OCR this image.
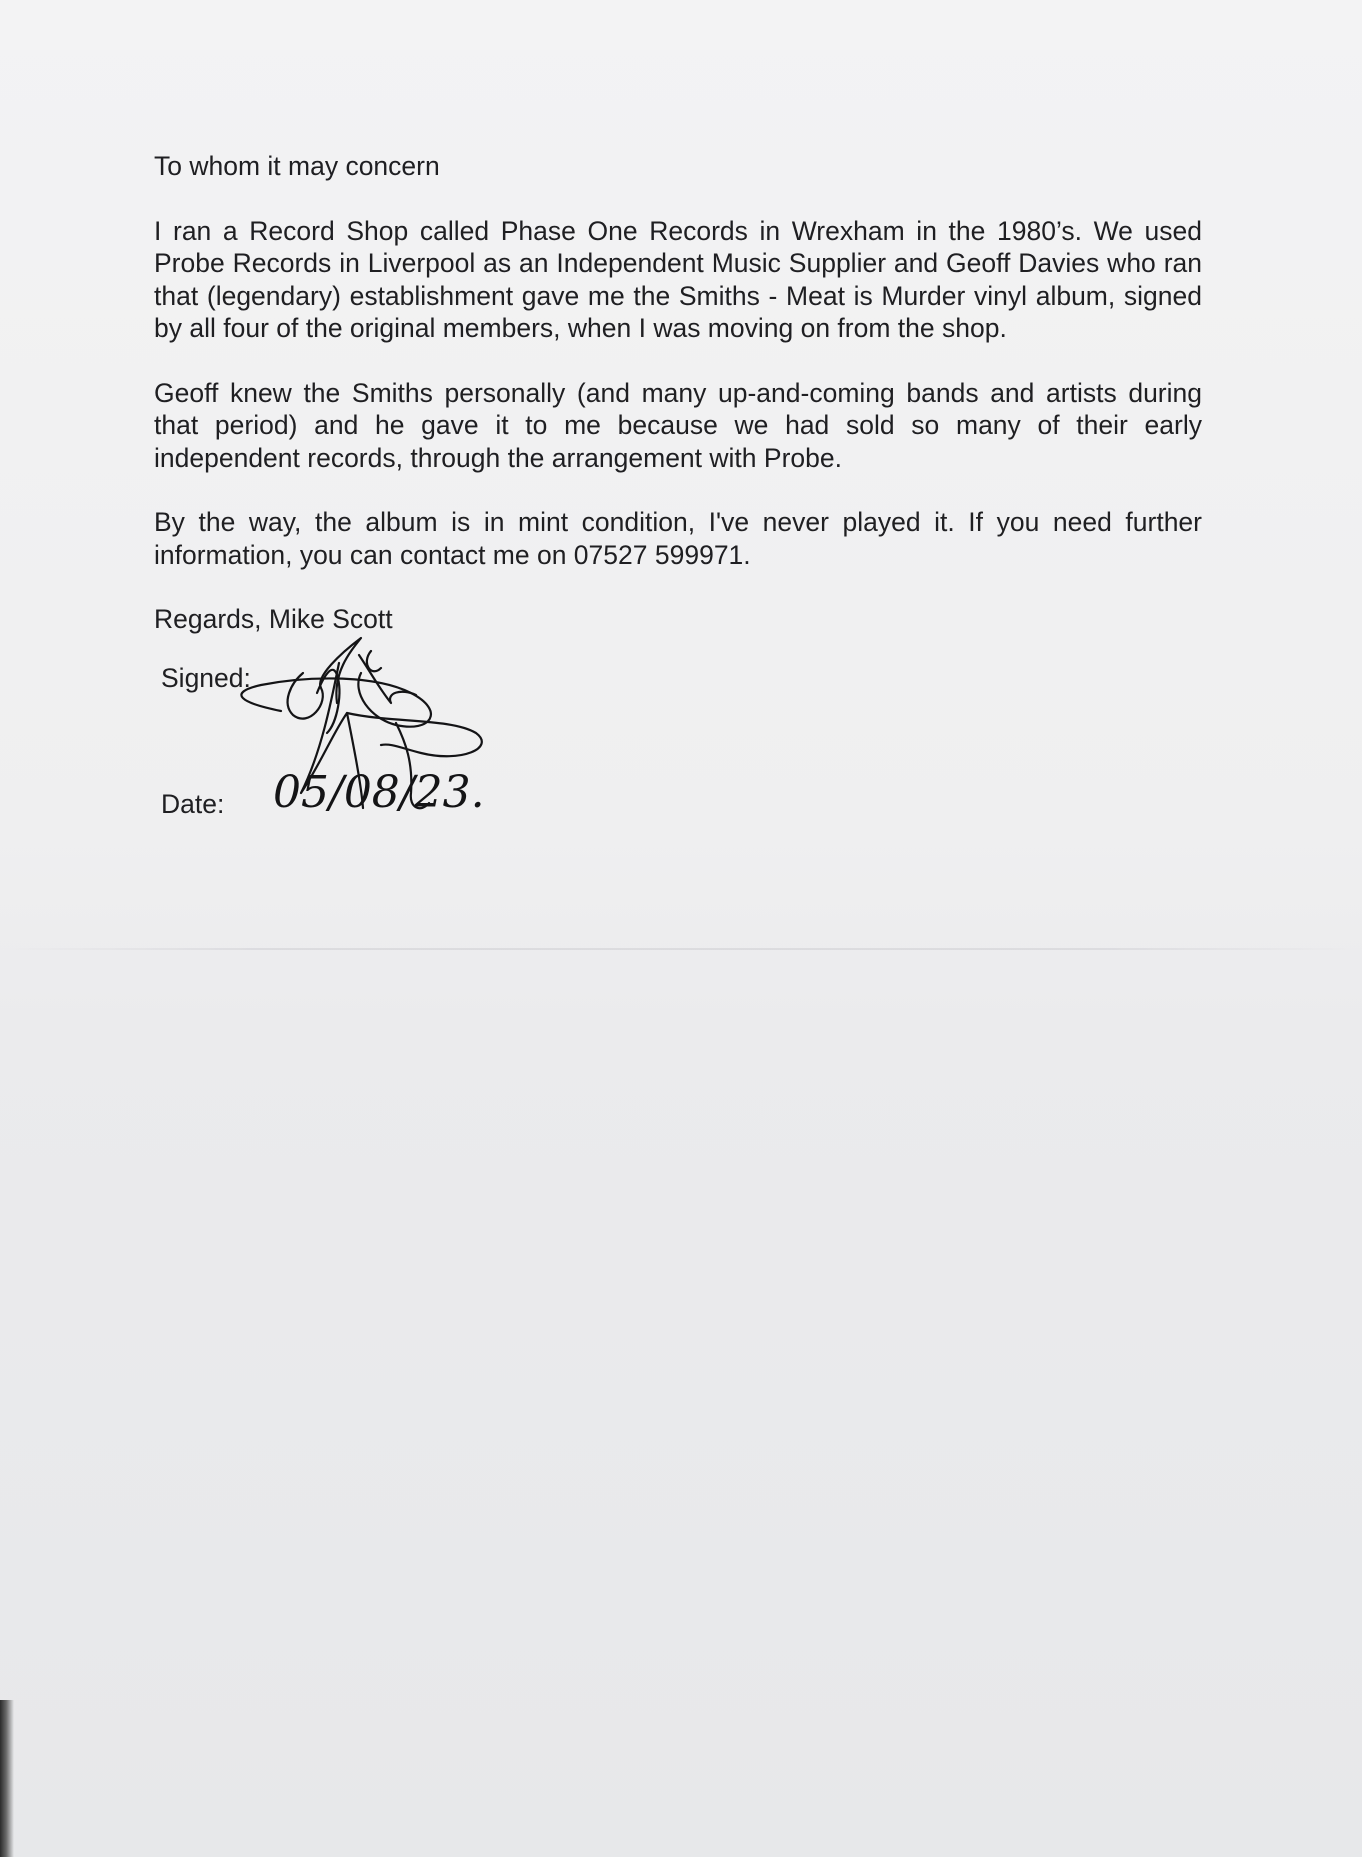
To whom it may concern

I ran a Record Shop called Phase One Records in Wrexham in the 1980’s. We used Probe Records in Liverpool as an Independent Music Supplier and Geoff Davies who ran that (legendary) establishment gave me the Smiths - Meat is Murder vinyl album, signed by all four of the original members, when I was moving on from the shop.

Geoff knew the Smiths personally (and many up-and-coming bands and artists during that period) and he gave it to me because we had sold so many of their early independent records, through the arrangement with Probe.

By the way, the album is in mint condition, I've never played it. If you need further information, you can contact me on 07527 599971.

Regards, Mike Scott

Signed:
Date: 05/08/23.
